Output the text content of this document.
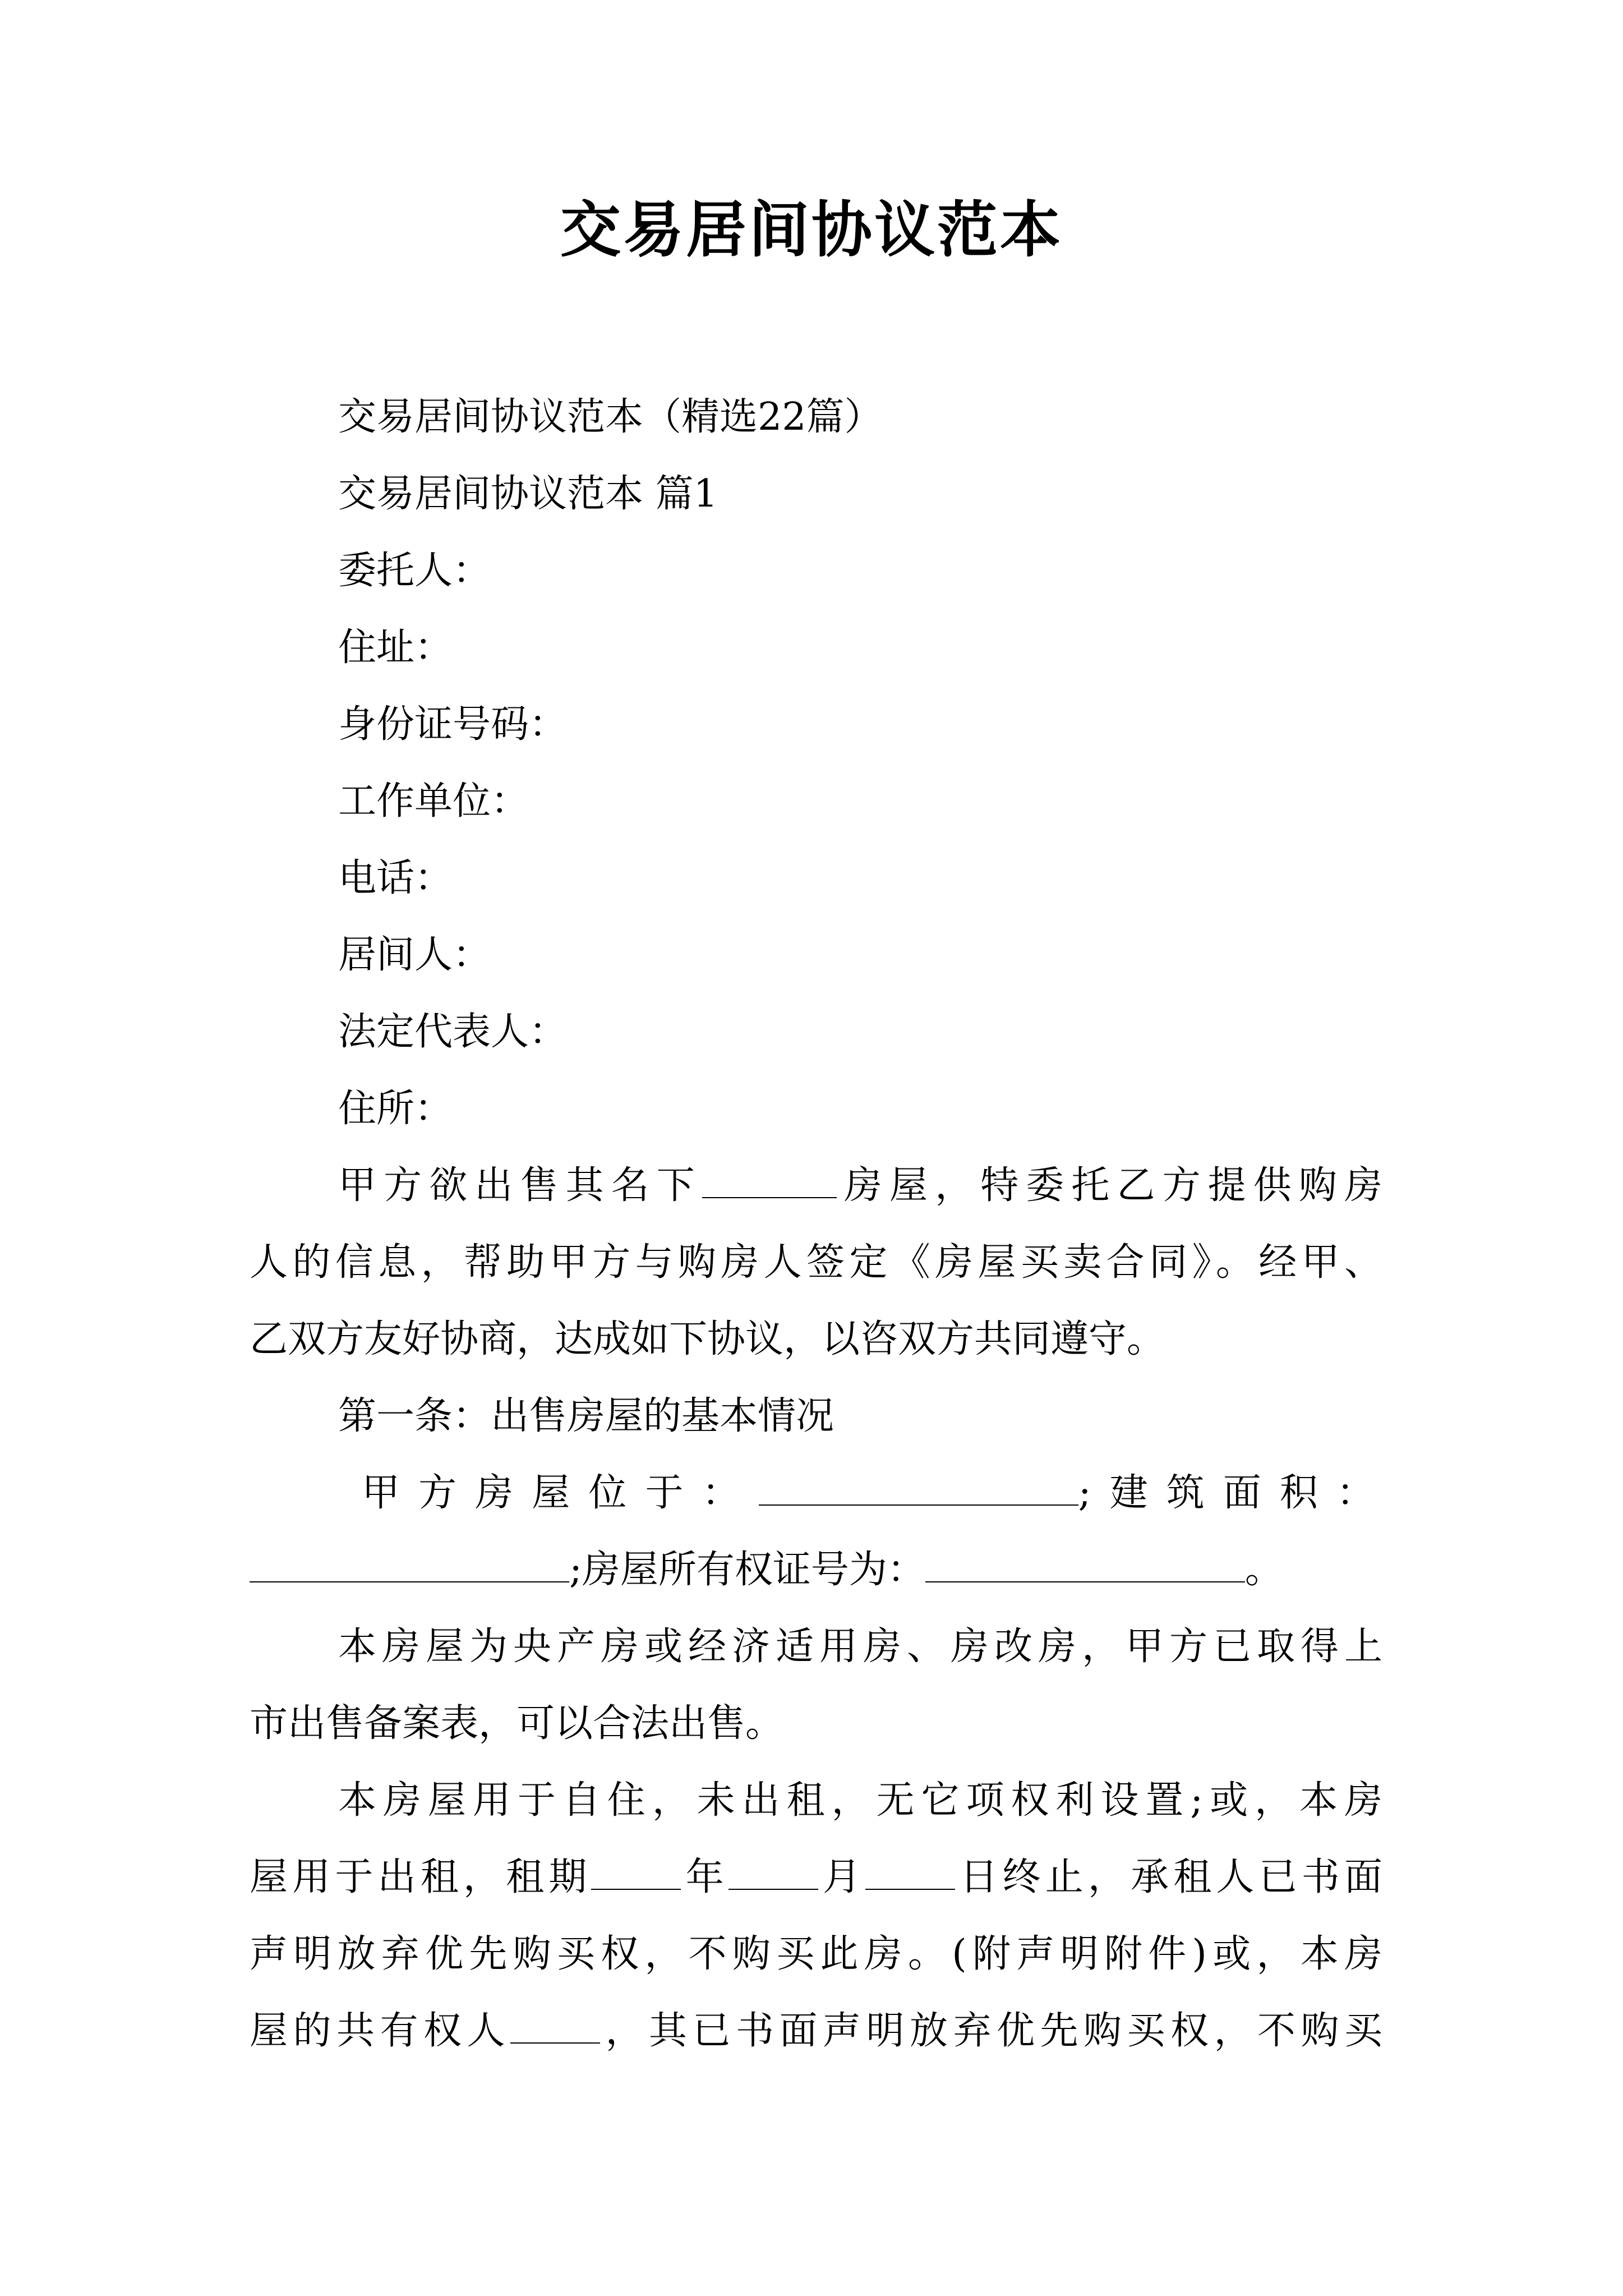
交易居间协议范本
交易居间协议范本（精选22篇）
交易居间协议范本 篇1
委托人：
住址：
身份证号码：
工作单位：
电话：
居间人：
法定代表人：
住所：
甲方欲出售其名下	房屋，特委托乙方提供购房
人的信息，帮助甲方与购房人签定《房屋买卖合同》。经甲、
乙双方友好协商，达成如下协议，以咨双方共同遵守。
第一条：出售房屋的基本情况
甲方房屋位于：	;建筑面积：
;房屋所有权证号为：	。
本房屋为央产房或经济适用房、房改房，甲方已取得上
市出售备案表，可以合法出售。
本房屋用于自住，未出租，无它项权利设置;或，本房
屋用于出租，租期 年 月 日终止，承租人已书面
声明放弃优先购买权，不购买此房。(附声明附件)或，本房
屋的共有权人 ，其已书面声明放弃优先购买权，不购买
